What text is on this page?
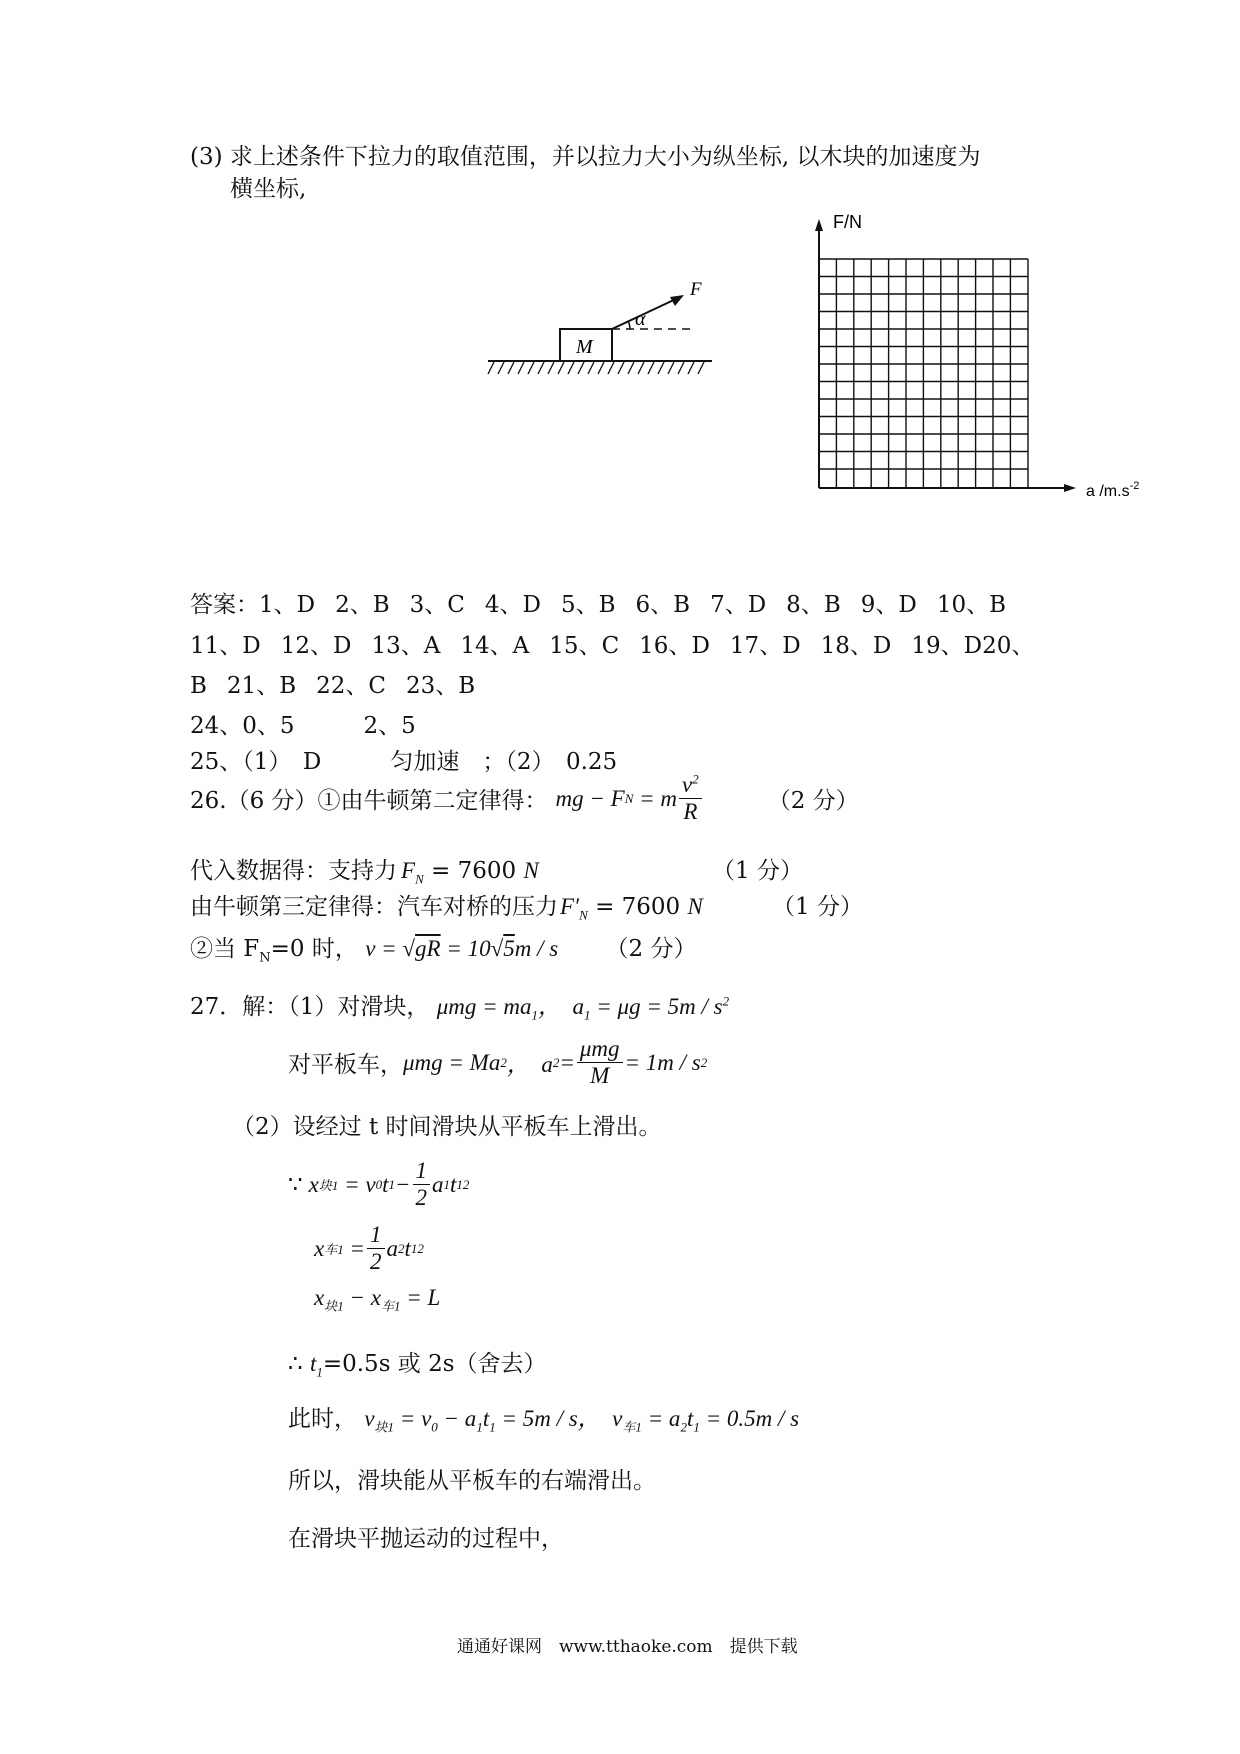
(3) 求上述条件下拉力的取值范围，并以拉力大小为纵坐标, 以木块的加速度为
横坐标,
M
α
F
F/N
a $/m.s^{-2}$
答案：1、D 2、B 3、C 4、D 5、B 6、B 7、D 8、B 9、D 10、B
11、D 12、D 13、A 14、A 15、C 16、D 17、D 18、D 19、D20、
B 21、B 22、C 23、B
24、0、5　　　2、5
25、（1）　D　　　匀加速　；（2）　0.25
26.（6 分）①由牛顿第二定律得： mg − F N = m $\frac{v^2}{R}$	（2 分）
代入数据得：支持力 $F_N = 7600$ N	（1 分）
由牛顿第三定律得：汽车对桥的压力$F'_N = 7600$ N	（1 分）
②当 $F_N=0$ 时， v = √gR = 10√5m / s （2 分）
27．解：（1）对滑块， $\mu mg = ma_1$，  $a_1 = \mu g = 5m / s^2$
对平板车， μmg = Ma 2 ，  a $2 = \frac{\text{μmg}}{M} = 1m / s$ 2
（2）设经过 t 时间滑块从平板车上滑出。
∵ x 块1 = v 0 t $1 - \frac{1}{2}$ a 1 t 1 2
x 车$1 = \frac{1}{2}$ a 2 t 1 2
$x_{块1} - x_{车1} = L$
∴ $t_1=0.5s$ 或 2s（舍去）
此时， $v_{块1} = v_0 - a_1t_1 = 5m / s$，  $v_{车1} = a_2t_1 = 0.5m / s$
所以，滑块能从平板车的右端滑出。
在滑块平抛运动的过程中，
通通好课网　www.tthaoke.com　提供下载
